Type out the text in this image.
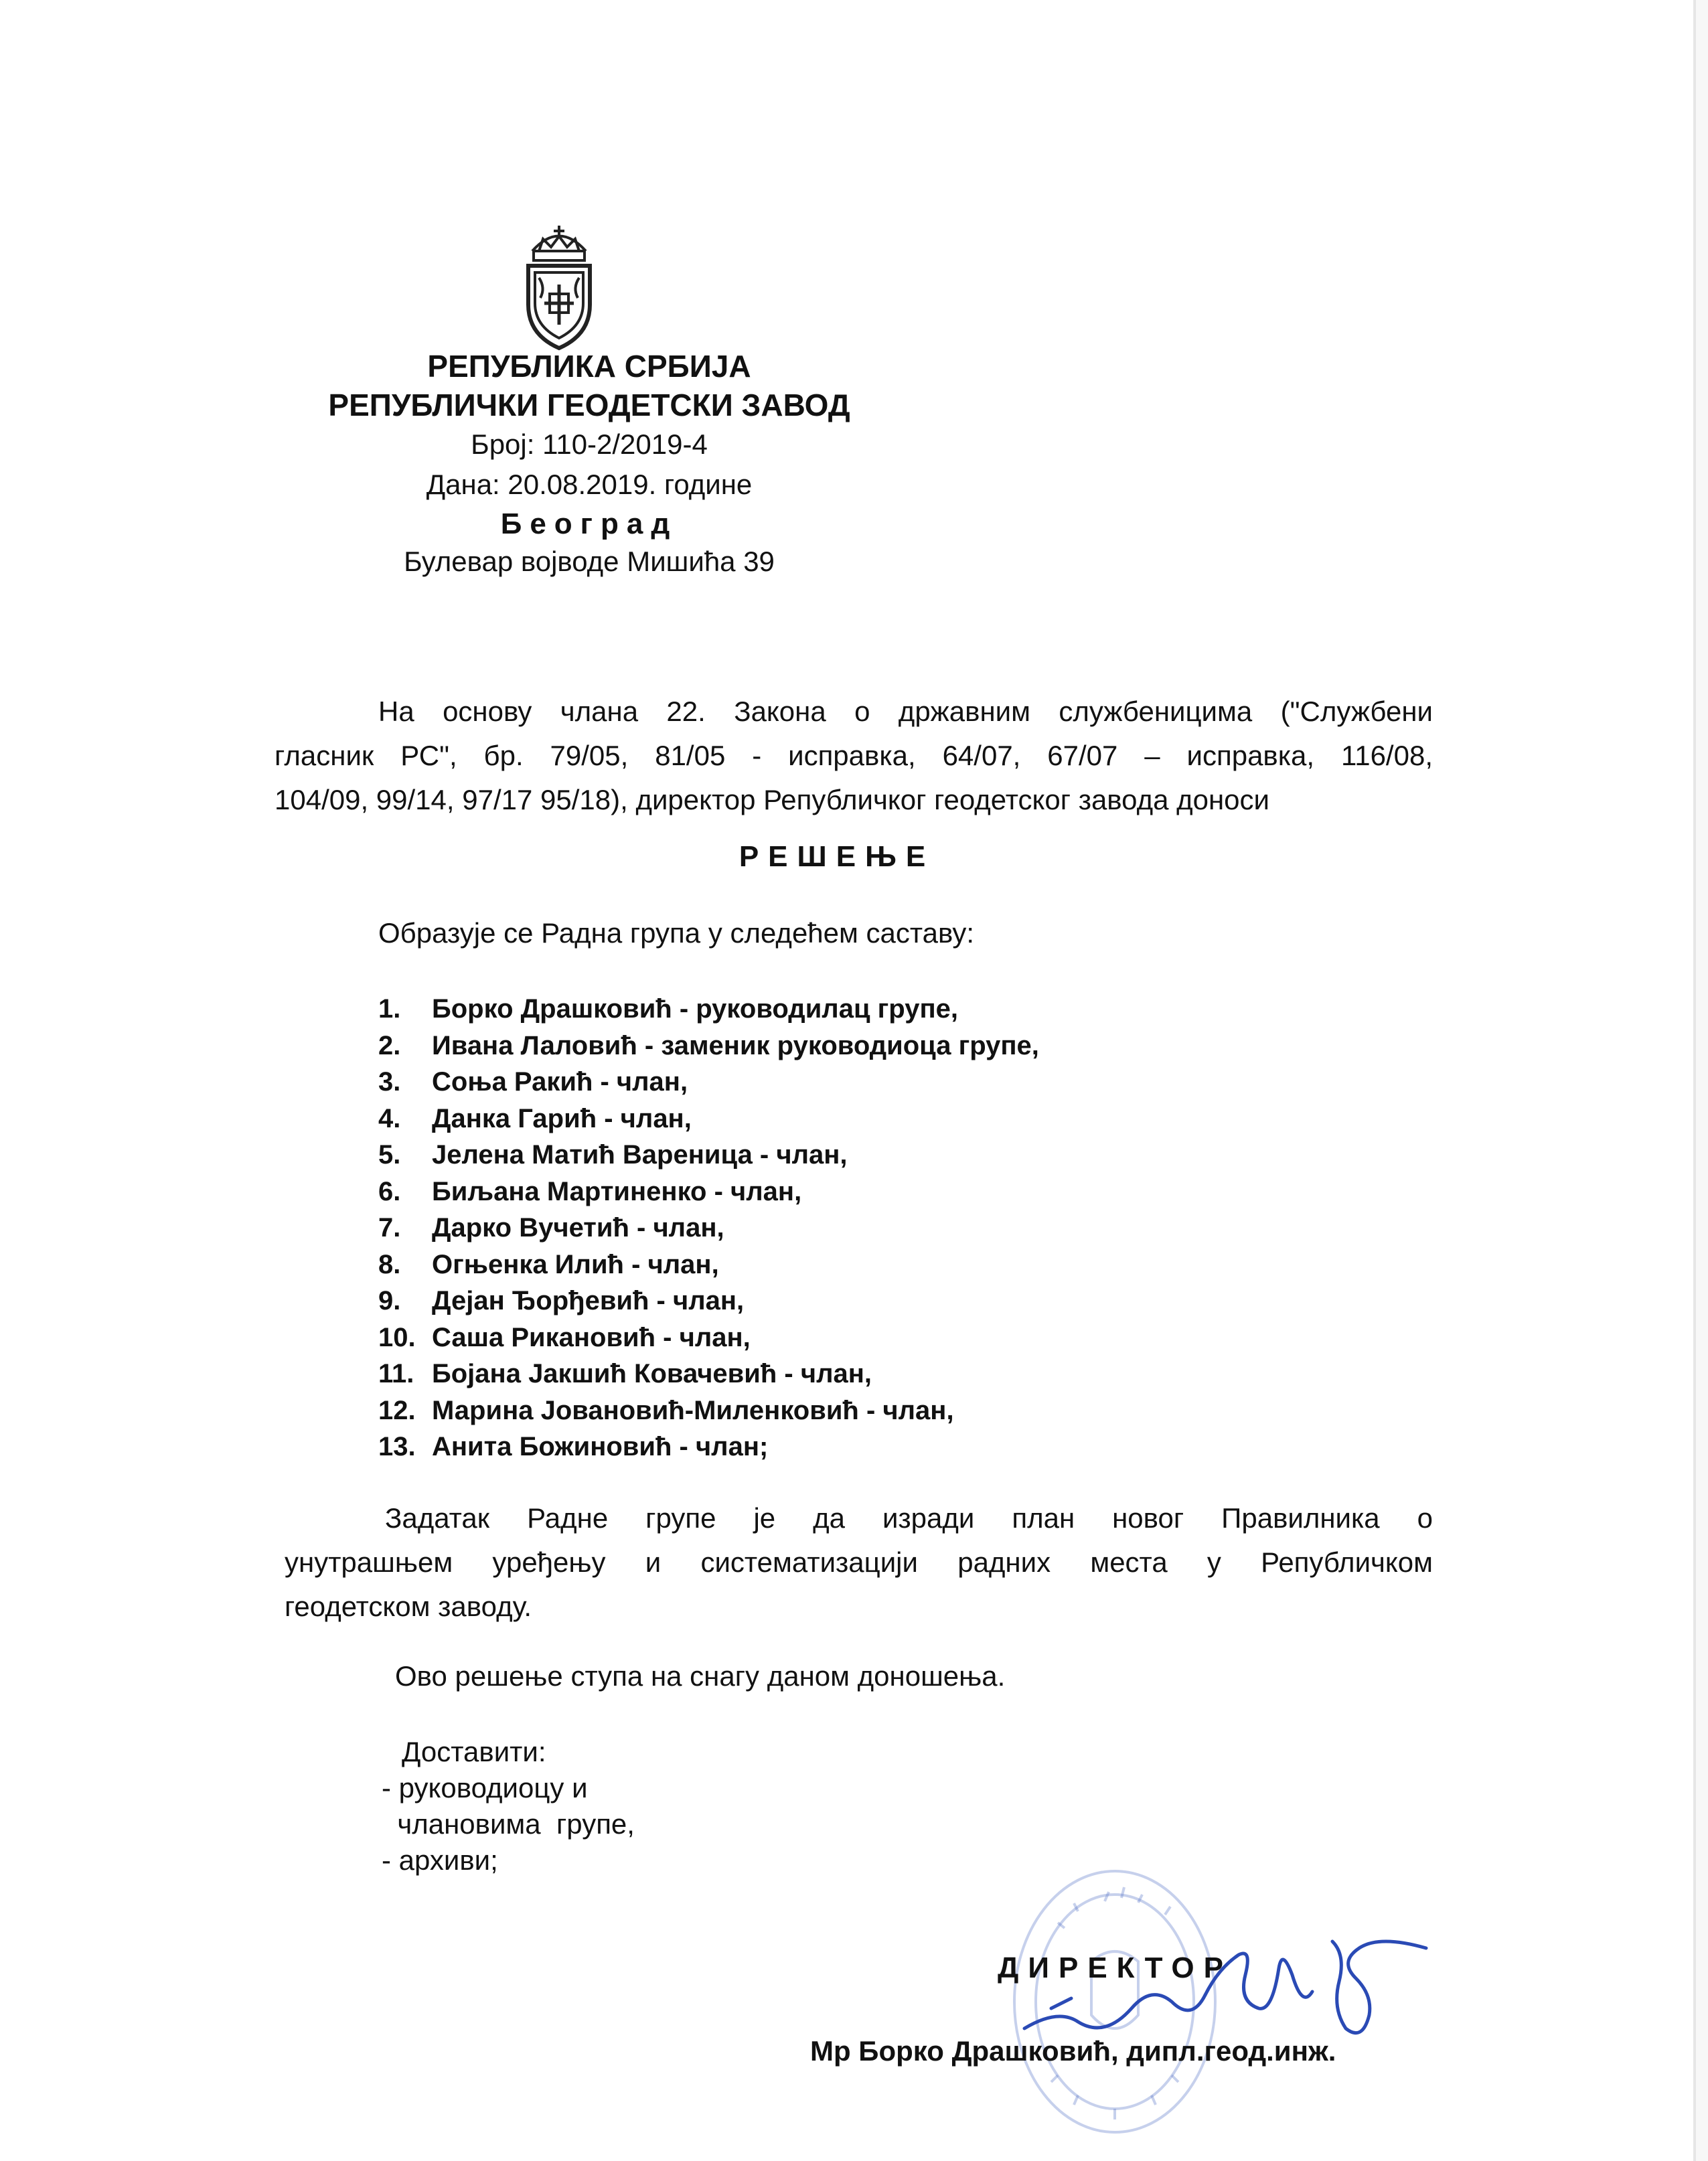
РЕПУБЛИКА СРБИЈА

РЕПУБЛИЧКИ ГЕОДЕТСКИ ЗАВОД

Број: 110-2/2019-4

Дана: 20.08.2019. године

Београд

Булевар војводе Мишића 39

На основу члана 22. Закона о државним службеницима ("Службени
гласник РС", бр. 79/05, 81/05 - исправка, 64/07, 67/07 – исправка, 116/08,
104/09, 99/14, 97/17 95/18), директор Републичког геодетског завода доноси

РЕШЕЊЕ

Образује се Радна група у следећем саставу:

1. Борко Драшковић - руководилац групе,
2. Ивана Лаловић - заменик руководиоца групе,
3. Соња Ракић - члан,
4. Данка Гарић - члан,
5. Јелена Матић Вареница - члан,
6. Биљана Мартиненко - члан,
7. Дарко Вучетић - члан,
8. Огњенка Илић - члан,
9. Дејан Ђорђевић - члан,
10. Саша Рикановић - члан,
11. Бојана Јакшић Ковачевић - члан,
12. Марина Јовановић-Миленковић - члан,
13. Анита Божиновић - члан;
Задатак Радне групе је да изради план новог Правилника о
унутрашњем уређењу и систематизацији радних места у Републичком
геодетском заводу.

Ово решење ступа на снагу даном доношења.

Доставити:
- руководиоцу и
члановима  групе,
- архиви;

ДИРЕКТОР

Мр Борко Драшковић, дипл.геод.инж.
